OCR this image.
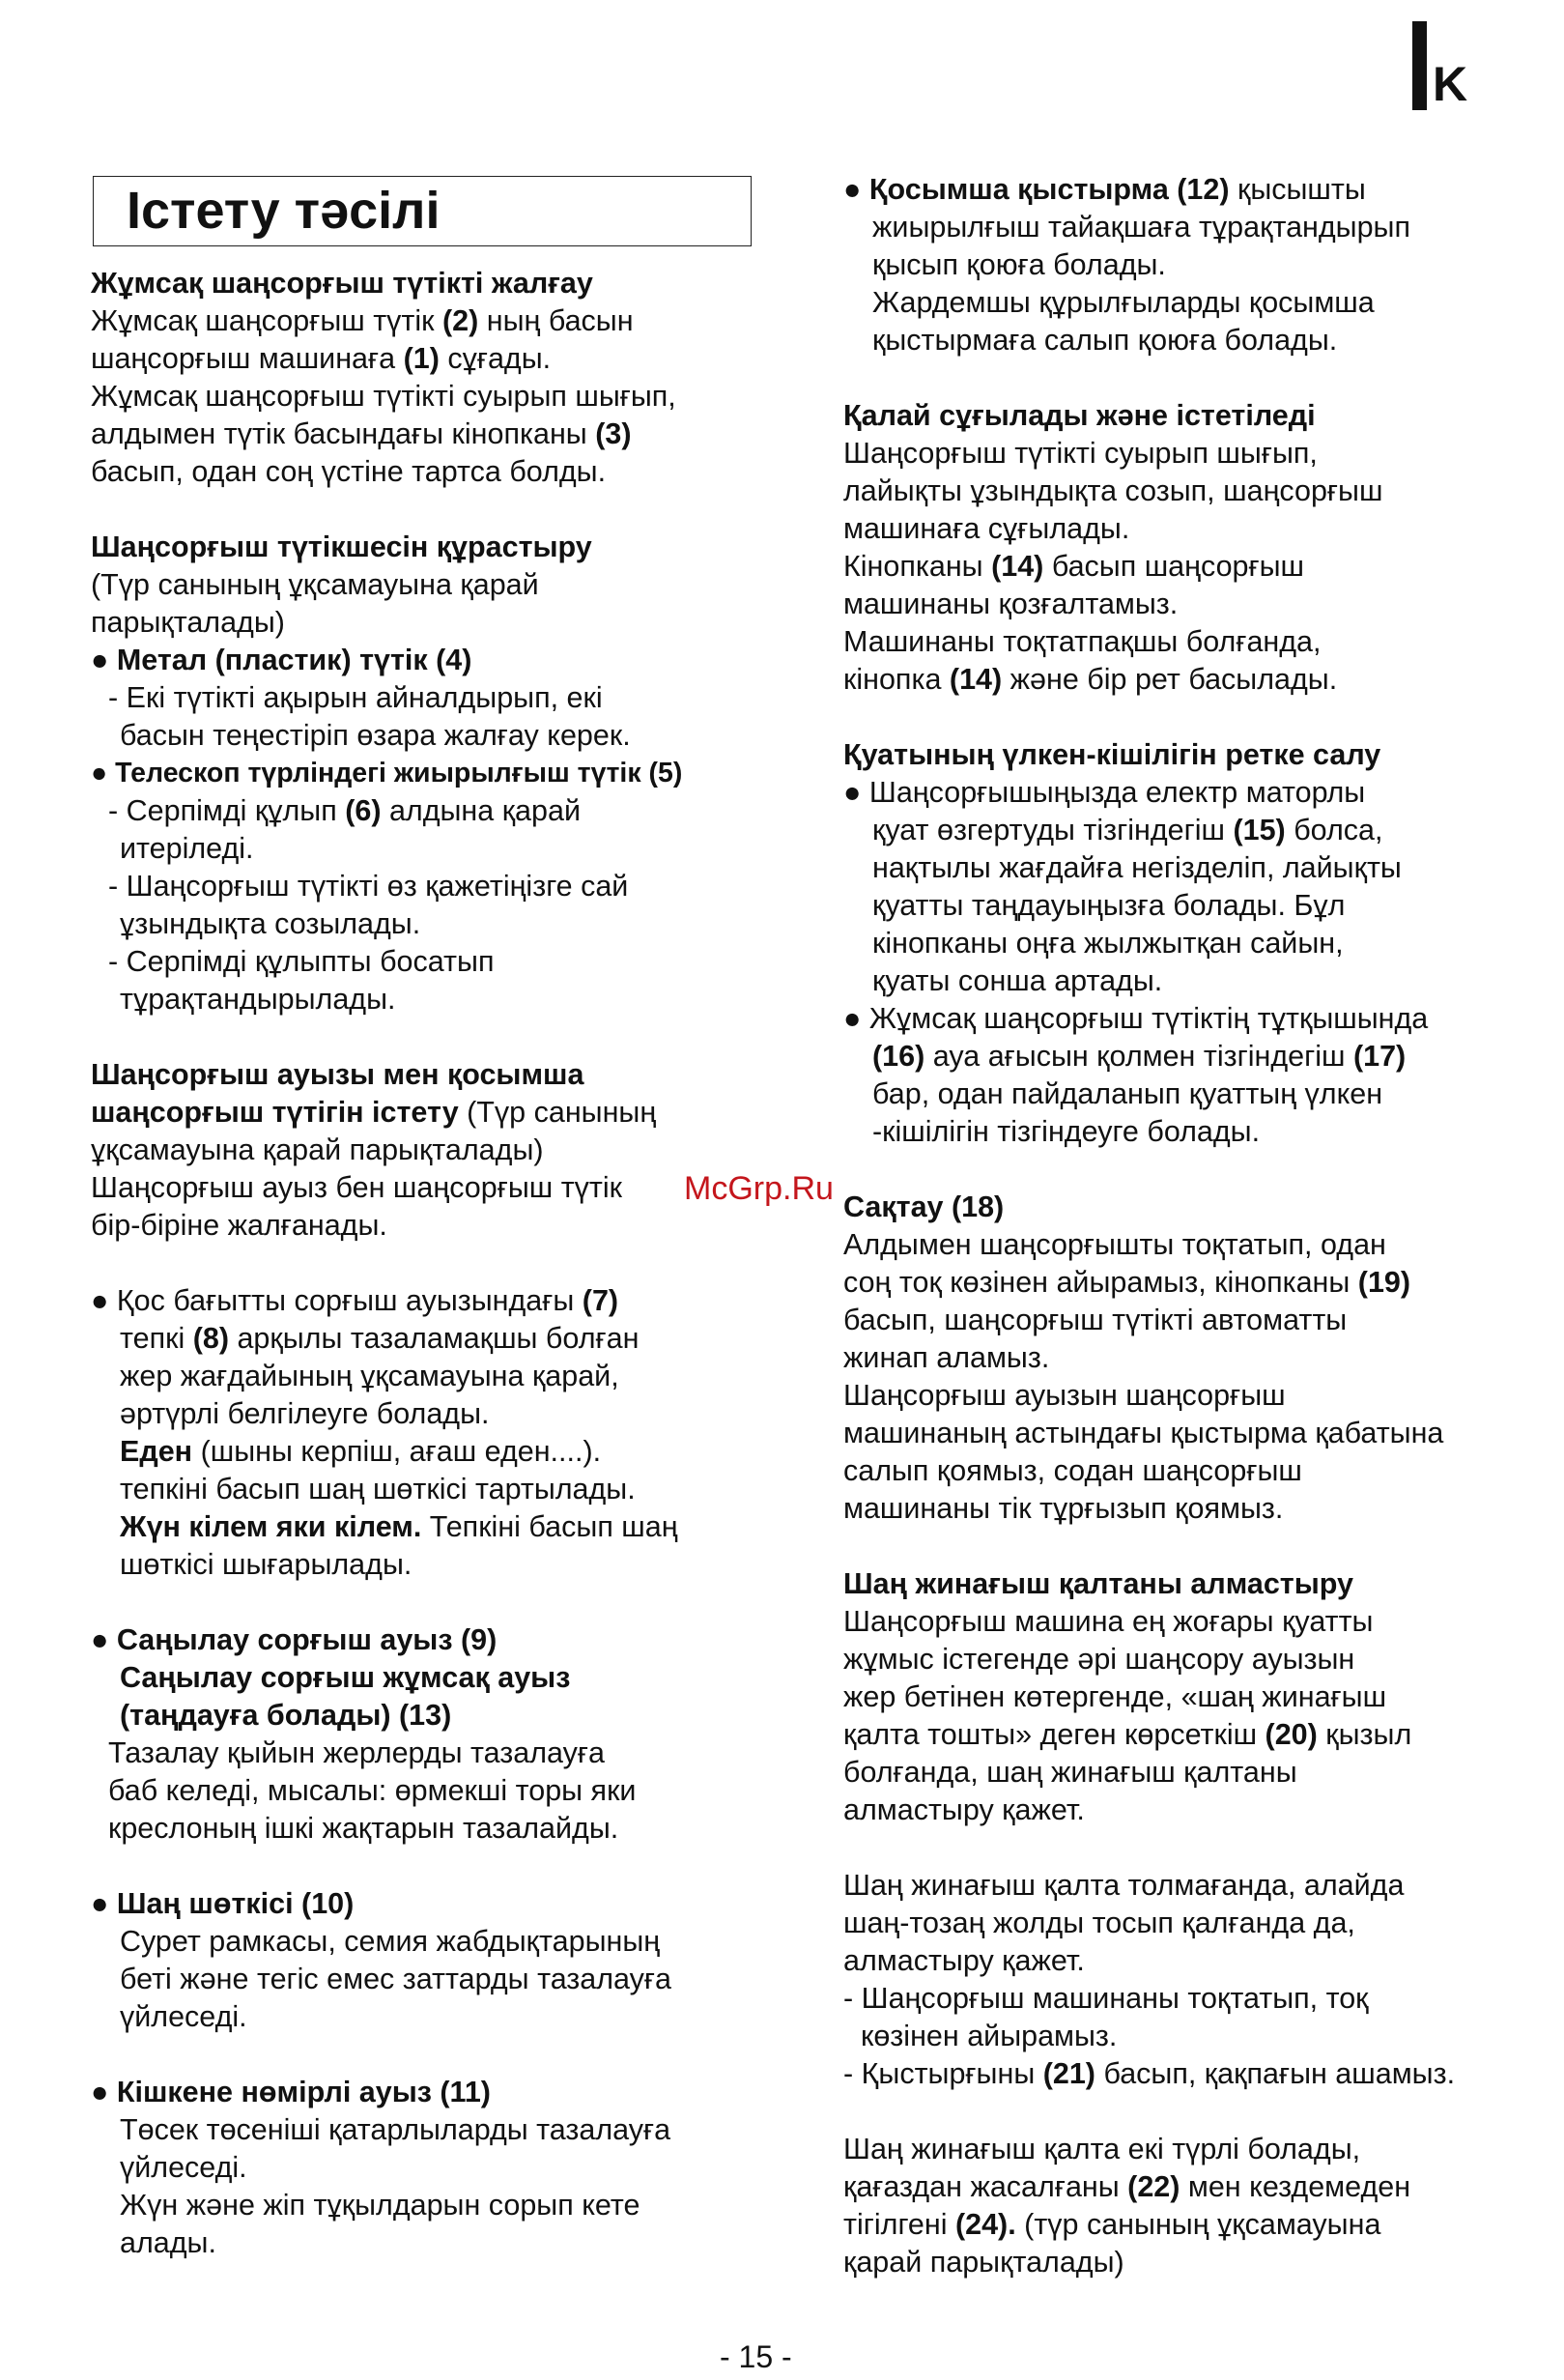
K
Істету тәсілі
Жұмсақ шаңсорғыш түтікті жалғау
Жұмсақ шаңсорғыш түтік (2) ның басын
шаңсорғыш машинаға (1) сұғады.
Жұмсақ шаңсорғыш түтікті суырып шығып,
алдымен түтік басындағы кінопканы (3)
басып, одан соң үстіне тартса болды.
Шаңсорғыш түтікшесін құрастыру
(Түр санының ұқсамауына қарай
парықталады)
● Метал (пластик) түтік (4)
- Екі түтікті ақырын айналдырып, екі
басын теңестіріп өзара жалғау керек.
● Телескоп түрліндегі жиырылғыш түтік (5)
- Серпімді құлып (6) алдына қарай
итеріледі.
- Шаңсорғыш түтікті өз қажетіңізге сай
ұзындықта созылады.
- Серпімді құлыпты босатып
тұрақтандырылады.
Шаңсорғыш ауызы мен қосымша
шаңсорғыш түтігін істету (Түр санының
ұқсамауына қарай парықталады)
Шаңсорғыш ауыз бен шаңсорғыш түтік
бір-біріне жалғанады.
● Қос бағытты сорғыш ауызындағы (7)
тепкі (8) арқылы тазаламақшы болған
жер жағдайының ұқсамауына қарай,
әртүрлі белгілеуге болады.
Еден (шыны керпіш, ағаш еден....).
тепкіні басып шаң шөткісі тартылады.
Жүн кілем яки кілем. Тепкіні басып шаң
шөткісі шығарылады.
● Саңылау сорғыш ауыз (9)
Саңылау сорғыш жұмсақ ауыз
(таңдауға болады) (13)
Тазалау қыйын жерлерды тазалауға
баб келеді, мысалы: өрмекші торы яки
креслоның ішкі жақтарын тазалайды.
● Шаң шөткісі (10)
Сурет рамкасы, семия жабдықтарының
беті және тегіс емес заттарды тазалауға
үйлеседі.
● Кішкене нөмірлі ауыз (11)
Төсек төсеніші қатарлыларды тазалауға
үйлеседі.
Жүн және жіп тұқылдарын сорып кете
алады.
● Қосымша қыстырма (12) қысышты
жиырылғыш тайақшаға тұрақтандырып
қысып қоюға болады.
Жардемшы құрылғыларды қосымша
қыстырмаға салып қоюға болады.
Қалай сұғылады және істетіледі
Шаңсорғыш түтікті суырып шығып,
лайықты ұзындықта созып, шаңсорғыш
машинаға сұғылады.
Кінопканы (14) басып шаңсорғыш
машинаны қозғалтамыз.
Машинаны тоқтатпақшы болғанда,
кінопка (14) және бір рет басылады.
Қуатының үлкен-кішілігін ретке салу
● Шаңсорғышыңызда електр маторлы
қуат өзгертуды тізгіндегіш (15) болса,
нақтылы жағдайға негізделіп, лайықты
қуатты таңдауыңызға болады. Бұл
кінопканы оңға жылжытқан сайын,
қуаты сонша артады.
● Жұмсақ шаңсорғыш түтіктің тұтқышында
(16) ауа ағысын қолмен тізгіндегіш (17)
бар, одан пайдаланып қуаттың үлкен
-кішілігін тізгіндеуге болады.
Сақтау (18)
Алдымен шаңсорғышты тоқтатып, одан
соң тоқ көзінен айырамыз, кінопканы (19)
басып, шаңсорғыш түтікті автоматты
жинап аламыз.
Шаңсорғыш ауызын шаңсорғыш
машинаның астындағы қыстырма қабатына
салып қоямыз, содан шаңсорғыш
машинаны тік тұрғызып қоямыз.
Шаң жинағыш қалтаны алмастыру
Шаңсорғыш машина ең жоғары қуатты
жұмыс істегенде әрі шаңсору ауызын
жер бетінен көтергенде, «шаң жинағыш
қалта тошты» деген көрсеткіш (20) қызыл
болғанда, шаң жинағыш қалтаны
алмастыру қажет.
Шаң жинағыш қалта толмағанда, алайда
шаң-тозаң жолды тосып қалғанда да,
алмастыру қажет.
- Шаңсорғыш машинаны тоқтатып, тоқ
көзінен айырамыз.
- Қыстырғыны (21) басып, қақпағын ашамыз.
Шаң жинағыш қалта екі түрлі болады,
қағаздан жасалғаны (22) мен кездемеден
тігілгені (24). (түр санының ұқсамауына
қарай парықталады)
McGrp.Ru
- 15 -
